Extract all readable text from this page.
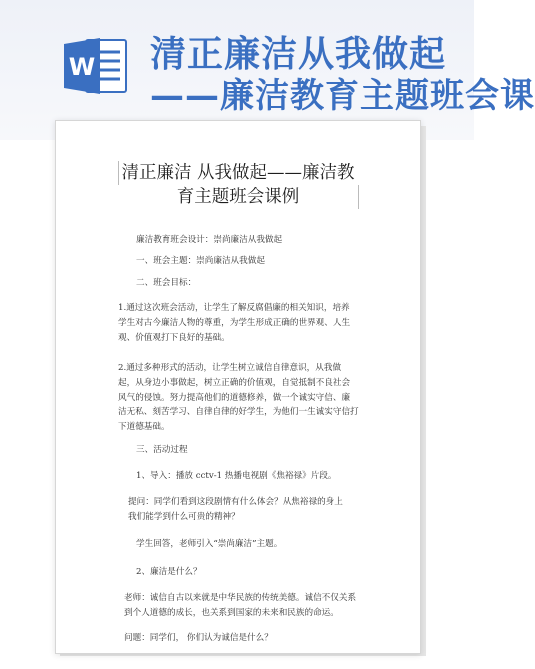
W 清正廉洁从我做起
——廉洁教育主题班会课
清正廉洁 从我做起——廉洁教
育主题班会课例
廉洁教育班会设计：崇尚廉洁从我做起
一、班会主题：崇尚廉洁从我做起
二、班会目标：
1.通过这次班会活动，让学生了解反腐倡廉的相关知识，培养
学生对古今廉洁人物的尊重，为学生形成正确的世界观、人生
观、价值观打下良好的基础。
2.通过多种形式的活动，让学生树立诚信自律意识，从我做
起，从身边小事做起，树立正确的价值观，自觉抵制不良社会
风气的侵蚀。努力提高他们的道德修养，做一个诚实守信、廉
洁无私、刻苦学习、自律自律的好学生，为他们一生诚实守信打
下道德基础。
三、活动过程
1、导入：播放 cctv-1 热播电视剧《焦裕禄》片段。
提问：同学们看到这段剧情有什么体会？从焦裕禄的身上
我们能学到什么可贵的精神？
学生回答，老师引入“崇尚廉洁”主题。
2、廉洁是什么？
老师：诚信自古以来就是中华民族的传统美德。诚信不仅关系
到个人道德的成长，也关系到国家的未来和民族的命运。
问题：同学们， 你们认为诚信是什么？
